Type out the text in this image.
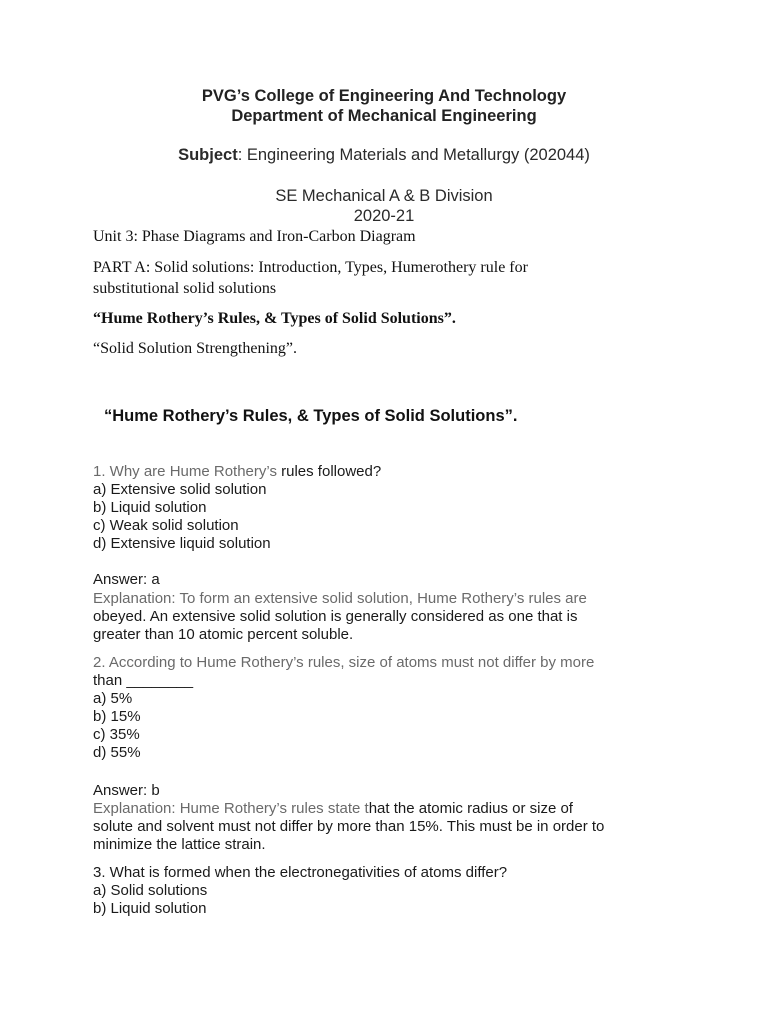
PVG’s College of Engineering And Technology
Department of Mechanical Engineering
Subject: Engineering Materials and Metallurgy (202044)
SE Mechanical A & B Division
2020-21
Unit 3: Phase Diagrams and Iron-Carbon Diagram
PART A: Solid solutions: Introduction, Types, Humerothery rule for
substitutional solid solutions
“Hume Rothery’s Rules, & Types of Solid Solutions”.
“Solid Solution Strengthening”.
“Hume Rothery’s Rules, & Types of Solid Solutions”.
1. Why are Hume Rothery’s rules followed?
a) Extensive solid solution
b) Liquid solution
c) Weak solid solution
d) Extensive liquid solution
Answer: a
Explanation: To form an extensive solid solution, Hume Rothery’s rules are
obeyed. An extensive solid solution is generally considered as one that is
greater than 10 atomic percent soluble.
2. According to Hume Rothery’s rules, size of atoms must not differ by more
than ________
a) 5%
b) 15%
c) 35%
d) 55%
Answer: b
Explanation: Hume Rothery’s rules state that the atomic radius or size of
solute and solvent must not differ by more than 15%. This must be in order to
minimize the lattice strain.
3. What is formed when the electronegativities of atoms differ?
a) Solid solutions
b) Liquid solution
